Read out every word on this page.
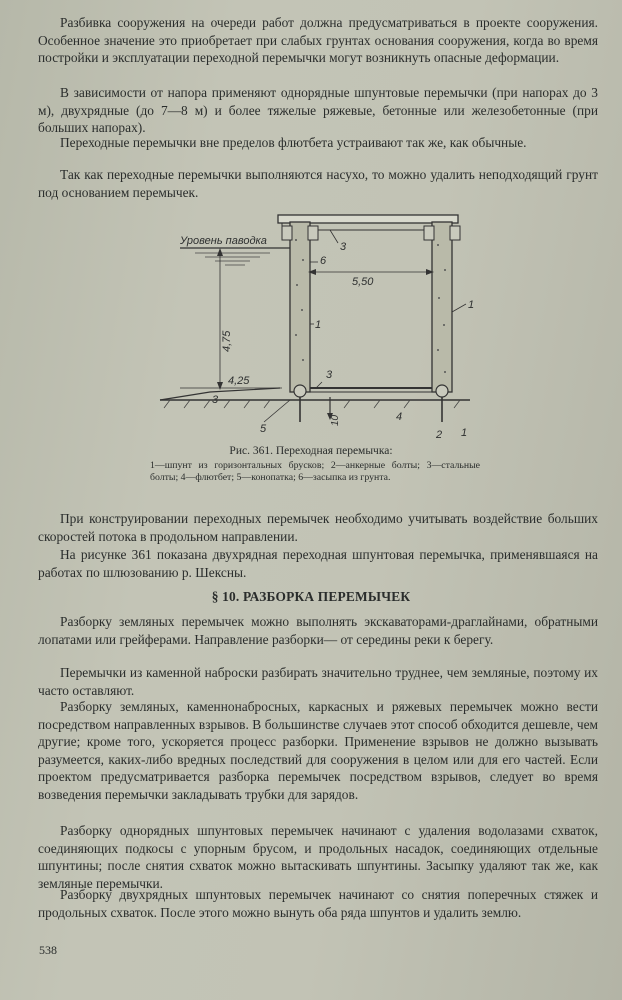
Разбивка сооружения на очереди работ должна предусматриваться в проекте сооружения. Особенное значение это приобретает при слабых грунтах основания сооружения, когда во время постройки и эксплуатации переходной перемычки могут возникнуть опасные деформации.

В зависимости от напора применяют однорядные шпунтовые перемычки (при напорах до 3 м), двухрядные (до 7—8 м) и более тяжелые ряжевые, бетонные или железобетонные (при больших напорах).

Переходные перемычки вне пределов флютбета устраивают так же, как обычные.

Так как переходные перемычки выполняются насухо, то можно удалить неподходящий грунт под основанием перемычек.

Уровень паводка
4,75
4,25
3
5,50
6
1
1
3
3
10
5
4
2 1

Рис. 361. Переходная перемычка:

1—шпунт из горизонтальных брусков; 2—анкерные болты; 3—стальные болты; 4—флютбет; 5—конопатка; 6—засыпка из грунта.

При конструировании переходных перемычек необходимо учитывать воздействие больших скоростей потока в продольном направлении.

На рисунке 361 показана двухрядная переходная шпунтовая перемычка, применявшаяся на работах по шлюзованию р. Шексны.

§ 10. РАЗБОРКА ПЕРЕМЫЧЕК

Разборку земляных перемычек можно выполнять экскаваторами-драглайнами, обратными лопатами или грейферами. Направление разборки— от середины реки к берегу.

Перемычки из каменной наброски разбирать значительно труднее, чем земляные, поэтому их часто оставляют.

Разборку земляных, каменнонабросных, каркасных и ряжевых перемычек можно вести посредством направленных взрывов. В большинстве случаев этот способ обходится дешевле, чем другие; кроме того, ускоряется процесс разборки. Применение взрывов не должно вызывать разумеется, каких-либо вредных последствий для сооружения в целом или для его частей. Если проектом предусматривается разборка перемычек посредством взрывов, следует во время возведения перемычки закладывать трубки для зарядов.

Разборку однорядных шпунтовых перемычек начинают с удаления водолазами схваток, соединяющих подкосы с упорным брусом, и продольных насадок, соединяющих отдельные шпунтины; после снятия схваток можно вытаскивать шпунтины. Засыпку удаляют так же, как земляные перемычки.

Разборку двухрядных шпунтовых перемычек начинают со снятия поперечных стяжек и продольных схваток. После этого можно вынуть оба ряда шпунтов и удалить землю.

538
